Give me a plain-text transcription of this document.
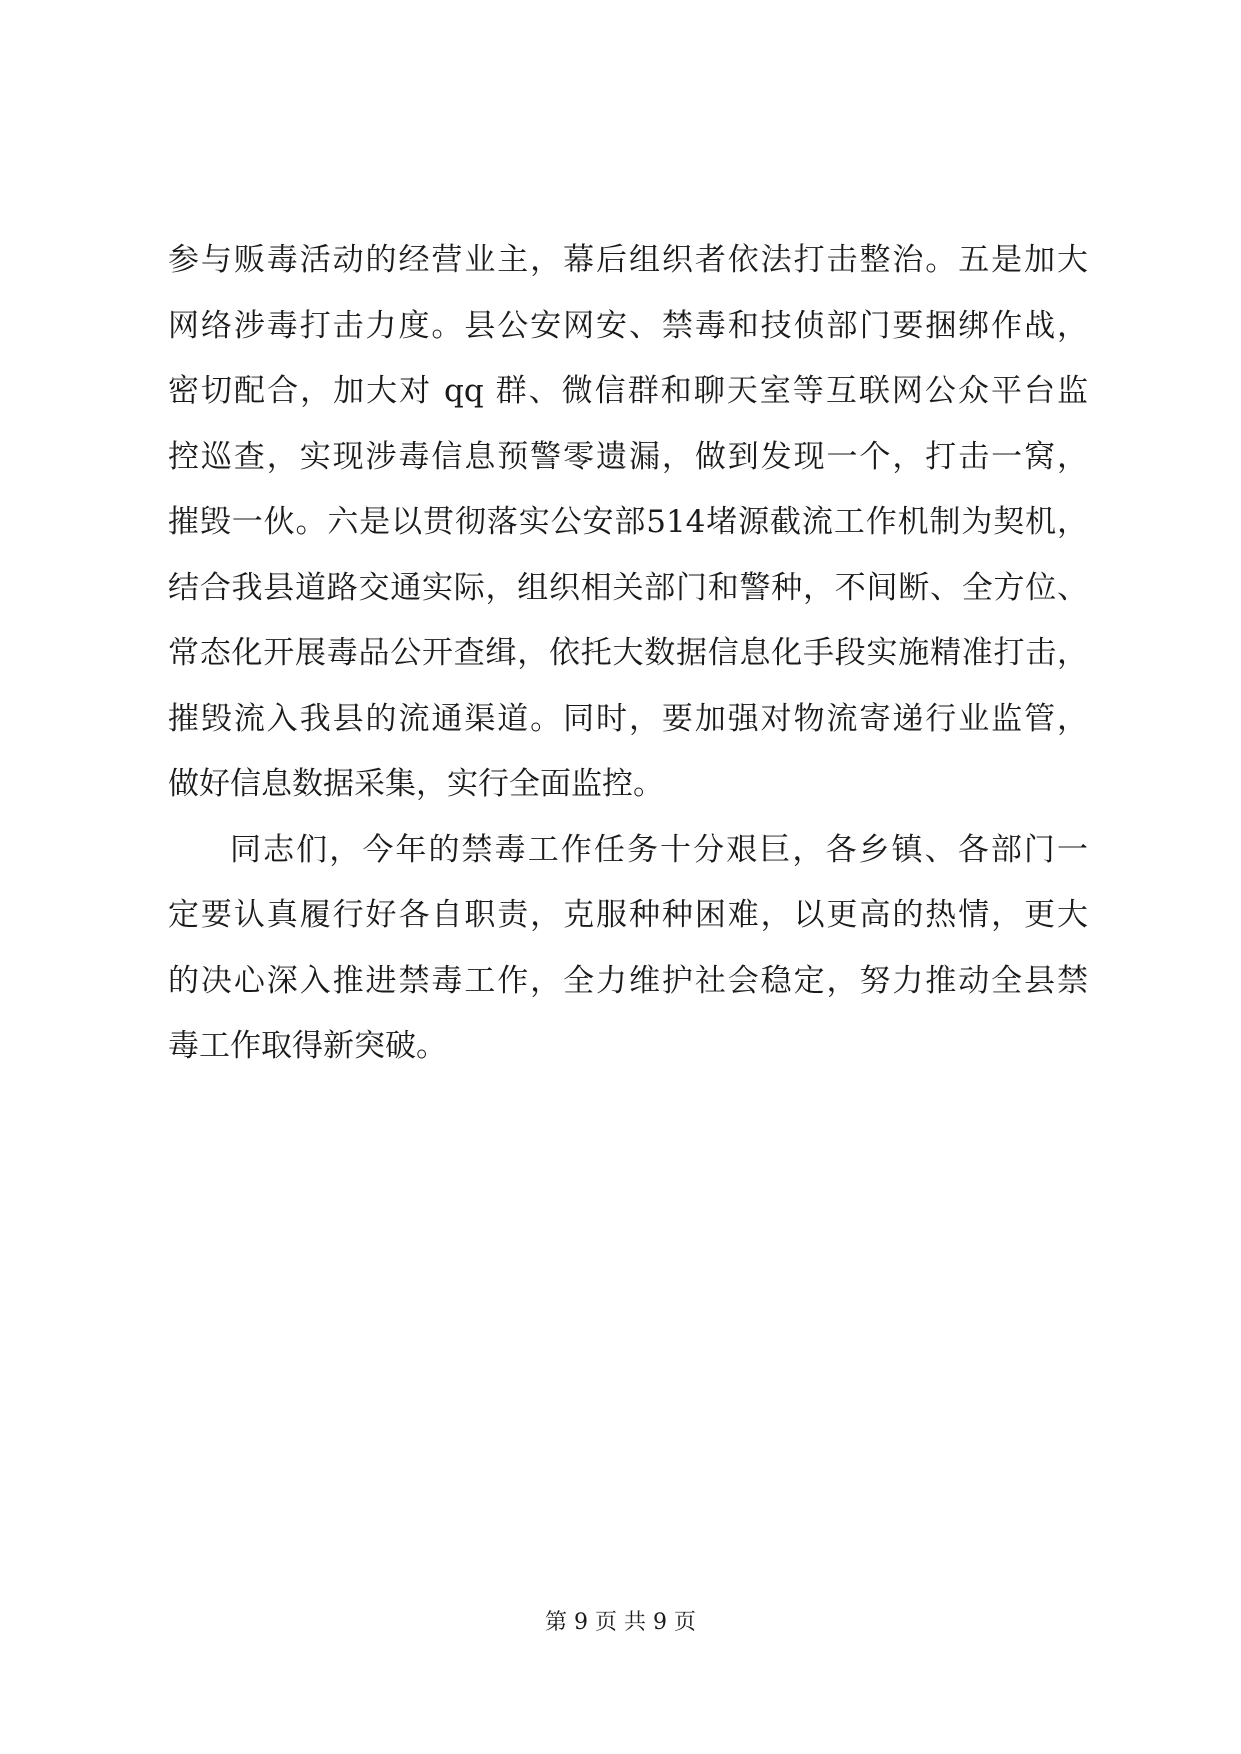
参与贩毒活动的经营业主，幕后组织者依法打击整治。五是加大
网络涉毒打击力度。县公安网安、禁毒和技侦部门要捆绑作战，
密切配合，加大对 qq 群、微信群和聊天室等互联网公众平台监
控巡查，实现涉毒信息预警零遗漏，做到发现一个，打击一窝，
摧毁一伙。六是以贯彻落实公安部514堵源截流工作机制为契机，
结合我县道路交通实际，组织相关部门和警种，不间断、全方位、
常态化开展毒品公开查缉，依托大数据信息化手段实施精准打击，
摧毁流入我县的流通渠道。同时，要加强对物流寄递行业监管，
做好信息数据采集，实行全面监控。
同志们，今年的禁毒工作任务十分艰巨，各乡镇、各部门一
定要认真履行好各自职责，克服种种困难，以更高的热情，更大
的决心深入推进禁毒工作，全力维护社会稳定，努力推动全县禁
毒工作取得新突破。
第 9 页 共 9 页
